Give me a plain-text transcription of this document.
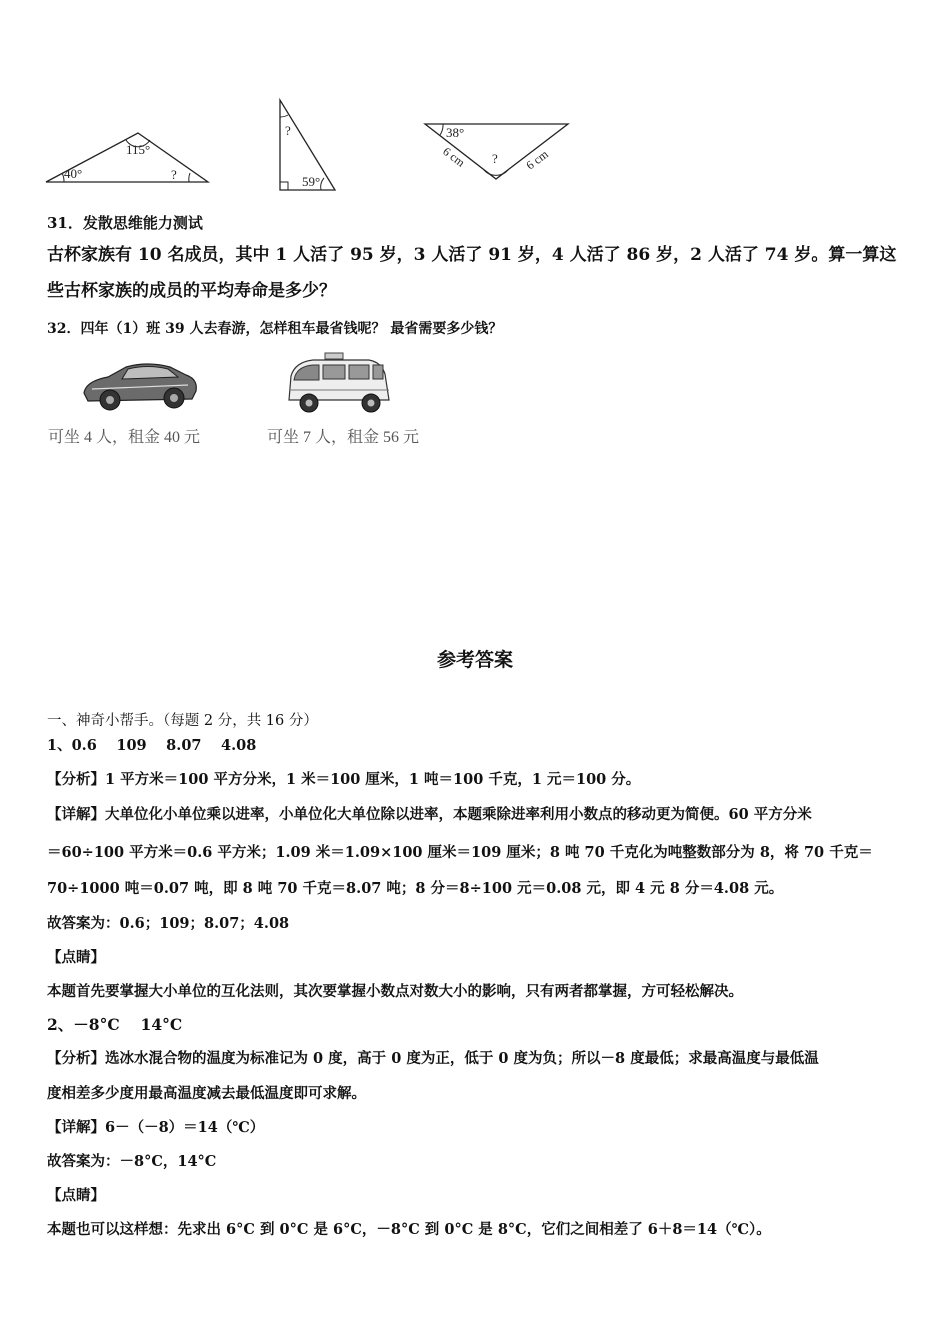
115°
40°	?
?
59°
38°
6 cm	6 cm
?
31．发散思维能力测试
古杯家族有 10 名成员，其中 1 人活了 95 岁，3 人活了 91 岁，4 人活了 86 岁，2 人活了 74 岁。算一算这
些古杯家族的成员的平均寿命是多少？
32．四年（1）班 39 人去春游，怎样租车最省钱呢？ 最省需要多少钱？
可坐 4 人，租金 40 元	可坐 7 人，租金 56 元
参考答案
一、神奇小帮手。（每题 2 分，共 16 分）
1、0.6　 109　 8.07　 4.08
【分析】1 平方米＝100 平方分米，1 米＝100 厘米，1 吨＝100 千克，1 元＝100 分。
【详解】大单位化小单位乘以进率，小单位化大单位除以进率，本题乘除进率利用小数点的移动更为简便。60 平方分米
＝60÷100 平方米＝0.6 平方米；1.09 米＝1.09×100 厘米＝109 厘米；8 吨 70 千克化为吨整数部分为 8，将 70 千克＝
70÷1000 吨＝0.07 吨，即 8 吨 70 千克＝8.07 吨；8 分＝8÷100 元＝0.08 元，即 4 元 8 分＝4.08 元。
故答案为：0.6；109；8.07；4.08
【点睛】
本题首先要掌握大小单位的互化法则，其次要掌握小数点对数大小的影响，只有两者都掌握，方可轻松解决。
2、－8°C　 14°C
【分析】选冰水混合物的温度为标准记为 0 度，高于 0 度为正，低于 0 度为负；所以－8 度最低；求最高温度与最低温
度相差多少度用最高温度减去最低温度即可求解。
【详解】6－（－8）＝14（℃）
故答案为：－8°C，14°C
【点睛】
本题也可以这样想：先求出 6°C 到 0°C 是 6°C，－8°C 到 0°C 是 8°C，它们之间相差了 6＋8＝14（℃）。
